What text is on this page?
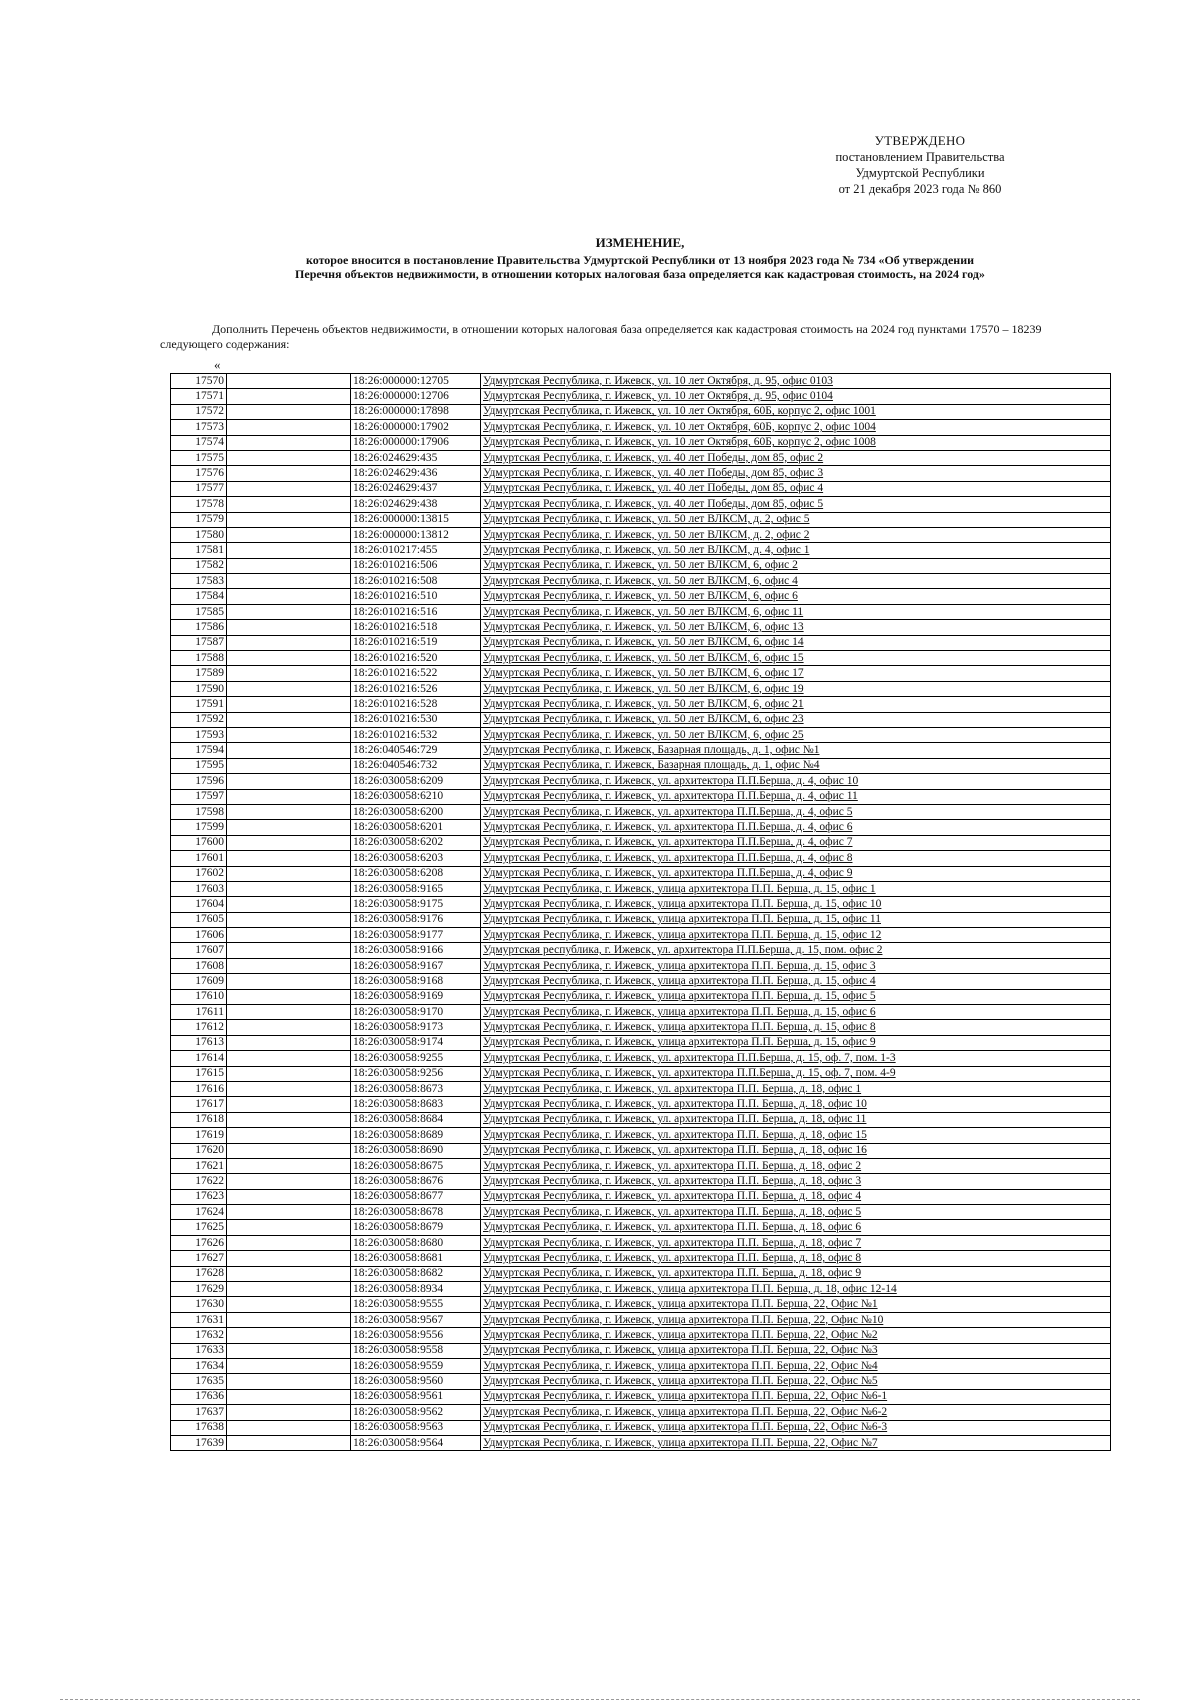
УТВЕРЖДЕНО
постановлением Правительства
Удмуртской Республики
от 21 декабря 2023 года № 860
ИЗМЕНЕНИЕ,
которое вносится в постановление Правительства Удмуртской Республики от 13 ноября 2023 года № 734 «Об утверждении
Перечня объектов недвижимости, в отношении которых налоговая база определяется как кадастровая стоимость, на 2024 год»
Дополнить Перечень объектов недвижимости, в отношении которых налоговая база определяется как кадастровая стоимость на 2024 год пунктами 17570 – 18239 следующего содержания:
«
17570		18:26:000000:12705	Удмуртская Республика, г. Ижевск, ул. 10 лет Октября, д. 95, офис 0103
17571		18:26:000000:12706	Удмуртская Республика, г. Ижевск, ул. 10 лет Октября, д. 95, офис 0104
17572		18:26:000000:17898	Удмуртская Республика, г. Ижевск, ул. 10 лет Октября, 60Б, корпус 2, офис 1001
17573		18:26:000000:17902	Удмуртская Республика, г. Ижевск, ул. 10 лет Октября, 60Б, корпус 2, офис 1004
17574		18:26:000000:17906	Удмуртская Республика, г. Ижевск, ул. 10 лет Октября, 60Б, корпус 2, офис 1008
17575		18:26:024629:435	Удмуртская Республика, г. Ижевск, ул. 40 лет Победы, дом 85, офис 2
17576		18:26:024629:436	Удмуртская Республика, г. Ижевск, ул. 40 лет Победы, дом 85, офис 3
17577		18:26:024629:437	Удмуртская Республика, г. Ижевск, ул. 40 лет Победы, дом 85, офис 4
17578		18:26:024629:438	Удмуртская Республика, г. Ижевск, ул. 40 лет Победы, дом 85, офис 5
17579		18:26:000000:13815	Удмуртская Республика, г. Ижевск, ул. 50 лет ВЛКСМ, д. 2, офис 5
17580		18:26:000000:13812	Удмуртская Республика, г. Ижевск, ул. 50 лет ВЛКСМ, д. 2, офис 2
17581		18:26:010217:455	Удмуртская Республика, г. Ижевск, ул. 50 лет ВЛКСМ, д. 4, офис 1
17582		18:26:010216:506	Удмуртская Республика, г. Ижевск, ул. 50 лет ВЛКСМ, 6, офис 2
17583		18:26:010216:508	Удмуртская Республика, г. Ижевск, ул. 50 лет ВЛКСМ, 6, офис 4
17584		18:26:010216:510	Удмуртская Республика, г. Ижевск, ул. 50 лет ВЛКСМ, 6, офис 6
17585		18:26:010216:516	Удмуртская Республика, г. Ижевск, ул. 50 лет ВЛКСМ, 6, офис 11
17586		18:26:010216:518	Удмуртская Республика, г. Ижевск, ул. 50 лет ВЛКСМ, 6, офис 13
17587		18:26:010216:519	Удмуртская Республика, г. Ижевск, ул. 50 лет ВЛКСМ, 6, офис 14
17588		18:26:010216:520	Удмуртская Республика, г. Ижевск, ул. 50 лет ВЛКСМ, 6, офис 15
17589		18:26:010216:522	Удмуртская Республика, г. Ижевск, ул. 50 лет ВЛКСМ, 6, офис 17
17590		18:26:010216:526	Удмуртская Республика, г. Ижевск, ул. 50 лет ВЛКСМ, 6, офис 19
17591		18:26:010216:528	Удмуртская Республика, г. Ижевск, ул. 50 лет ВЛКСМ, 6, офис 21
17592		18:26:010216:530	Удмуртская Республика, г. Ижевск, ул. 50 лет ВЛКСМ, 6, офис 23
17593		18:26:010216:532	Удмуртская Республика, г. Ижевск, ул. 50 лет ВЛКСМ, 6, офис 25
17594		18:26:040546:729	Удмуртская Республика, г. Ижевск, Базарная площадь, д. 1, офис №1
17595		18:26:040546:732	Удмуртская Республика, г. Ижевск, Базарная площадь, д. 1, офис №4
17596		18:26:030058:6209	Удмуртская Республика, г. Ижевск, ул. архитектора П.П.Берша, д. 4, офис 10
17597		18:26:030058:6210	Удмуртская Республика, г. Ижевск, ул. архитектора П.П.Берша, д. 4, офис 11
17598		18:26:030058:6200	Удмуртская Республика, г. Ижевск, ул. архитектора П.П.Берша, д. 4, офис 5
17599		18:26:030058:6201	Удмуртская Республика, г. Ижевск, ул. архитектора П.П.Берша, д. 4, офис 6
17600		18:26:030058:6202	Удмуртская Республика, г. Ижевск, ул. архитектора П.П.Берша, д. 4, офис 7
17601		18:26:030058:6203	Удмуртская Республика, г. Ижевск, ул. архитектора П.П.Берша, д. 4, офис 8
17602		18:26:030058:6208	Удмуртская Республика, г. Ижевск, ул. архитектора П.П.Берша, д. 4, офис 9
17603		18:26:030058:9165	Удмуртская Республика, г. Ижевск, улица архитектора П.П. Берша, д. 15, офис 1
17604		18:26:030058:9175	Удмуртская Республика, г. Ижевск, улица архитектора П.П. Берша, д. 15, офис 10
17605		18:26:030058:9176	Удмуртская Республика, г. Ижевск, улица архитектора П.П. Берша, д. 15, офис 11
17606		18:26:030058:9177	Удмуртская Республика, г. Ижевск, улица архитектора П.П. Берша, д. 15, офис 12
17607		18:26:030058:9166	Удмуртская республика, г. Ижевск, ул. архитектора П.П.Берша, д. 15, пом. офис 2
17608		18:26:030058:9167	Удмуртская Республика, г. Ижевск, улица архитектора П.П. Берша, д. 15, офис 3
17609		18:26:030058:9168	Удмуртская Республика, г. Ижевск, улица архитектора П.П. Берша, д. 15, офис 4
17610		18:26:030058:9169	Удмуртская Республика, г. Ижевск, улица архитектора П.П. Берша, д. 15, офис 5
17611		18:26:030058:9170	Удмуртская Республика, г. Ижевск, улица архитектора П.П. Берша, д. 15, офис 6
17612		18:26:030058:9173	Удмуртская Республика, г. Ижевск, улица архитектора П.П. Берша, д. 15, офис 8
17613		18:26:030058:9174	Удмуртская Республика, г. Ижевск, улица архитектора П.П. Берша, д. 15, офис 9
17614		18:26:030058:9255	Удмуртская Республика, г. Ижевск, ул. архитектора П.П.Берша, д. 15, оф. 7, пом. 1-3
17615		18:26:030058:9256	Удмуртская Республика, г. Ижевск, ул. архитектора П.П.Берша, д. 15, оф. 7, пом. 4-9
17616		18:26:030058:8673	Удмуртская Республика, г. Ижевск, ул. архитектора П.П. Берша, д. 18, офис 1
17617		18:26:030058:8683	Удмуртская Республика, г. Ижевск, ул. архитектора П.П. Берша, д. 18, офис 10
17618		18:26:030058:8684	Удмуртская Республика, г. Ижевск, ул. архитектора П.П. Берша, д. 18, офис 11
17619		18:26:030058:8689	Удмуртская Республика, г. Ижевск, ул. архитектора П.П. Берша, д. 18, офис 15
17620		18:26:030058:8690	Удмуртская Республика, г. Ижевск, ул. архитектора П.П. Берша, д. 18, офис 16
17621		18:26:030058:8675	Удмуртская Республика, г. Ижевск, ул. архитектора П.П. Берша, д. 18, офис 2
17622		18:26:030058:8676	Удмуртская Республика, г. Ижевск, ул. архитектора П.П. Берша, д. 18, офис 3
17623		18:26:030058:8677	Удмуртская Республика, г. Ижевск, ул. архитектора П.П. Берша, д. 18, офис 4
17624		18:26:030058:8678	Удмуртская Республика, г. Ижевск, ул. архитектора П.П. Берша, д. 18, офис 5
17625		18:26:030058:8679	Удмуртская Республика, г. Ижевск, ул. архитектора П.П. Берша, д. 18, офис 6
17626		18:26:030058:8680	Удмуртская Республика, г. Ижевск, ул. архитектора П.П. Берша, д. 18, офис 7
17627		18:26:030058:8681	Удмуртская Республика, г. Ижевск, ул. архитектора П.П. Берша, д. 18, офис 8
17628		18:26:030058:8682	Удмуртская Республика, г. Ижевск, ул. архитектора П.П. Берша, д. 18, офис 9
17629		18:26:030058:8934	Удмуртская Республика, г. Ижевск, улица архитектора П.П. Берша, д. 18, офис 12-14
17630		18:26:030058:9555	Удмуртская Республика, г. Ижевск, улица архитектора П.П. Берша, 22, Офис №1
17631		18:26:030058:9567	Удмуртская Республика, г. Ижевск, улица архитектора П.П. Берша, 22, Офис №10
17632		18:26:030058:9556	Удмуртская Республика, г. Ижевск, улица архитектора П.П. Берша, 22, Офис №2
17633		18:26:030058:9558	Удмуртская Республика, г. Ижевск, улица архитектора П.П. Берша, 22, Офис №3
17634		18:26:030058:9559	Удмуртская Республика, г. Ижевск, улица архитектора П.П. Берша, 22, Офис №4
17635		18:26:030058:9560	Удмуртская Республика, г. Ижевск, улица архитектора П.П. Берша, 22, Офис №5
17636		18:26:030058:9561	Удмуртская Республика, г. Ижевск, улица архитектора П.П. Берша, 22, Офис №6-1
17637		18:26:030058:9562	Удмуртская Республика, г. Ижевск, улица архитектора П.П. Берша, 22, Офис №6-2
17638		18:26:030058:9563	Удмуртская Республика, г. Ижевск, улица архитектора П.П. Берша, 22, Офис №6-3
17639		18:26:030058:9564	Удмуртская Республика, г. Ижевск, улица архитектора П.П. Берша, 22, Офис №7
